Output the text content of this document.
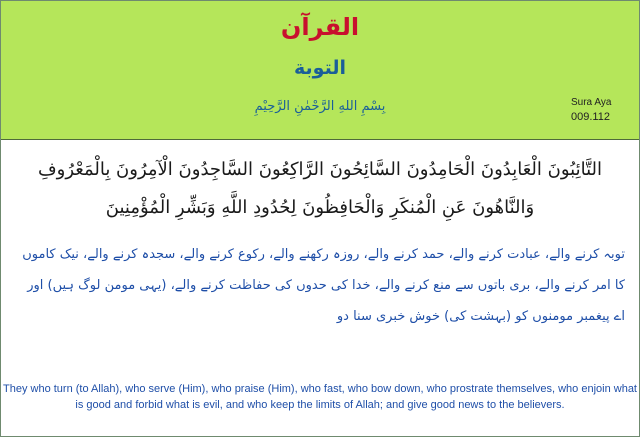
القرآن
التوبة
بِسْمِ اللهِ الرَّحْمٰنِ الرَّحِيْمِ	Sura Aya
009.112
التَّائِبُونَ الْعَابِدُونَ الْحَامِدُونَ السَّائِحُونَ الرَّاكِعُونَ السَّاجِدُونَ الْآمِرُونَ بِالْمَعْرُوفِ وَالنَّاهُونَ عَنِ الْمُنكَرِ وَالْحَافِظُونَ لِحُدُودِ اللَّهِ وَبَشِّرِ الْمُؤْمِنِينَ
توبہ کرنے والے، عبادت کرنے والے، حمد کرنے والے، روزہ رکھنے والے، رکوع کرنے والے، سجدہ کرنے والے، نیک کاموں کا امر کرنے والے، بری باتوں سے منع کرنے والے، خدا کی حدوں کی حفاظت کرنے والے، (یہی مومن لوگ ہیں) اور اے پیغمبر مومنوں کو (بہشت کی) خوش خبری سنا دو
They who turn (to Allah), who serve (Him), who praise (Him), who fast, who bow down, who prostrate themselves, who enjoin what is good and forbid what is evil, and who keep the limits of Allah; and give good news to the believers.
